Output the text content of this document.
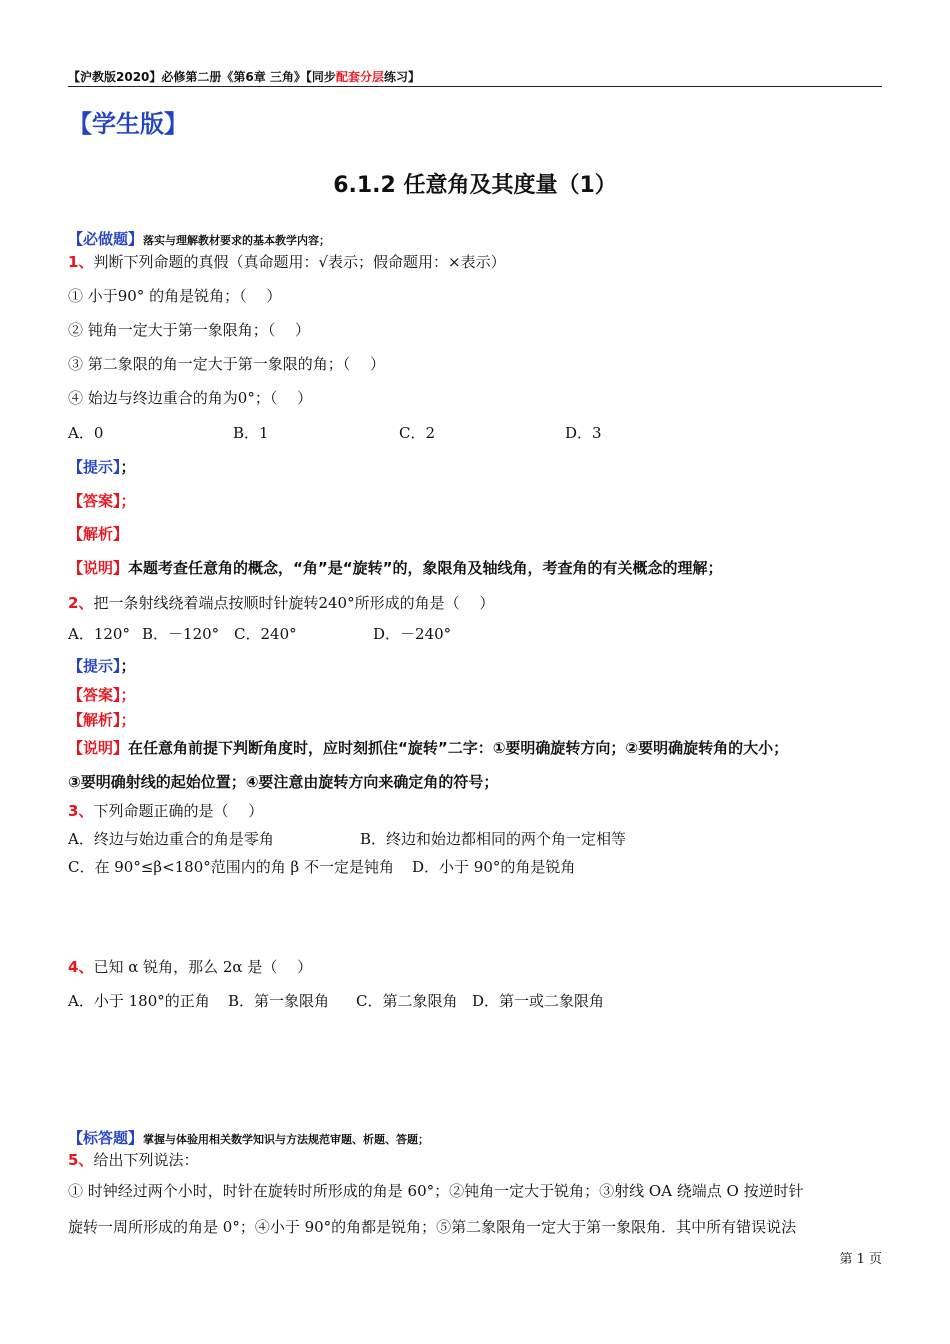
【沪教版2020】必修第二册《第6章 三角》【同步配套分层练习】
【学生版】
6.1.2 任意角及其度量（1）
【必做题】落实与理解教材要求的基本教学内容；
1、判断下列命题的真假（真命题用：√表示；假命题用：×表示）
① 小于90° 的角是锐角；（　 ）
② 钝角一定大于第一象限角；（　 ）
③ 第二象限的角一定大于第一象限的角；（　 ）
④ 始边与终边重合的角为0°；（　 ）
A．0	B．1	C．2	D．3
【提示】；
【答案】；
【解析】
【说明】本题考查任意角的概念，“角”是“旋转”的，象限角及轴线角，考查角的有关概念的理解；
2、把一条射线绕着端点按顺时针旋转240°所形成的角是（　 ）
A．120° B．－120° C．240°	D．－240°
【提示】；
【答案】；
【解析】；
【说明】在任意角前提下判断角度时，应时刻抓住“旋转”二字：①要明确旋转方向；②要明确旋转角的大小；
③要明确射线的起始位置；④要注意由旋转方向来确定角的符号；
3、下列命题正确的是（　 ）
A．终边与始边重合的角是零角	B．终边和始边都相同的两个角一定相等
C．在 90°≤β<180°范围内的角 β 不一定是钝角 D．小于 90°的角是锐角
4、已知 α 锐角，那么 2α 是（　 ）
A．小于 180°的正角 B．第一象限角 C．第二象限角 D．第一或二象限角
【标答题】掌握与体验用相关数学知识与方法规范审题、析题、答题；
5、给出下列说法：
① 时钟经过两个小时，时针在旋转时所形成的角是 60°；②钝角一定大于锐角；③射线 OA 绕端点 O 按逆时针
旋转一周所形成的角是 0°；④小于 90°的角都是锐角；⑤第二象限角一定大于第一象限角．其中所有错误说法
第 1 页
